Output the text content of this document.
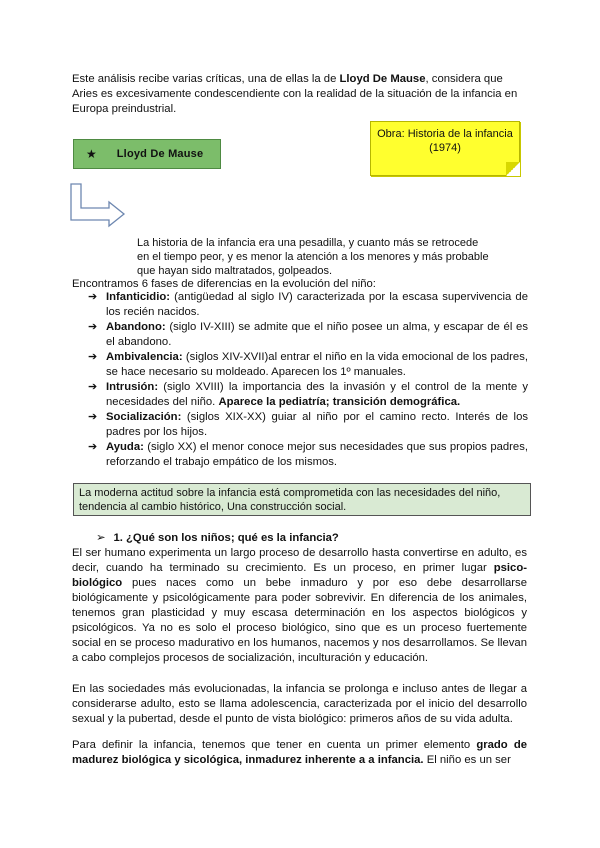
Este análisis recibe varias críticas, una de ellas la de Lloyd De Mause, considera que Aries es excesivamente condescendiente con la realidad de la situación de la infancia en Europa preindustrial.

★ Lloyd De Mause
Obra: Historia de la infancia
(1974)

La historia de la infancia era una pesadilla, y cuanto más se retrocede en el tiempo peor, y es menor la atención a los menores y más probable que hayan sido maltratados, golpeados.

Encontramos 6 fases de diferencias en la evolución del niño:

➔ Infanticidio: (antigüedad al siglo IV) caracterizada por la escasa supervivencia de los recién nacidos.
➔ Abandono: (siglo IV-XIII) se admite que el niño posee un alma, y escapar de él es el abandono.
➔ Ambivalencia: (siglos XIV-XVII)al entrar el niño en la vida emocional de los padres, se hace necesario su moldeado. Aparecen los 1º manuales.
➔ Intrusión: (siglo XVIII) la importancia des la invasión y el control de la mente y necesidades del niño. Aparece la pediatría; transición demográfica.
➔ Socialización: (siglos XIX-XX) guiar al niño por el camino recto. Interés de los padres por los hijos.
➔ Ayuda: (siglo XX) el menor conoce mejor sus necesidades que sus propios padres, reforzando el trabajo empático de los mismos.
La moderna actitud sobre la infancia está comprometida con las necesidades del niño, tendencia al cambio histórico, Una construcción social.
➢ 1. ¿Qué son los niños; qué es la infancia?

El ser humano experimenta un largo proceso de desarrollo hasta convertirse en adulto, es decir, cuando ha terminado su crecimiento. Es un proceso, en primer lugar psico-biológico pues naces como un bebe inmaduro y por eso debe desarrollarse biológicamente y psicológicamente para poder sobrevivir. En diferencia de los animales, tenemos gran plasticidad y muy escasa determinación en los aspectos biológicos y psicológicos. Ya no es solo el proceso biológico, sino que es un proceso fuertemente social en se proceso madurativo en los humanos, nacemos y nos desarrollamos. Se llevan a cabo complejos procesos de socialización, inculturación y educación.

En las sociedades más evolucionadas, la infancia se prolonga e incluso antes de llegar a considerarse adulto, esto se llama adolescencia, caracterizada por el inicio del desarrollo sexual y la pubertad, desde el punto de vista biológico: primeros años de su vida adulta.

Para definir la infancia, tenemos que tener en cuenta un primer elemento grado de madurez biológica y sicológica, inmadurez inherente a a infancia. El niño es un ser
